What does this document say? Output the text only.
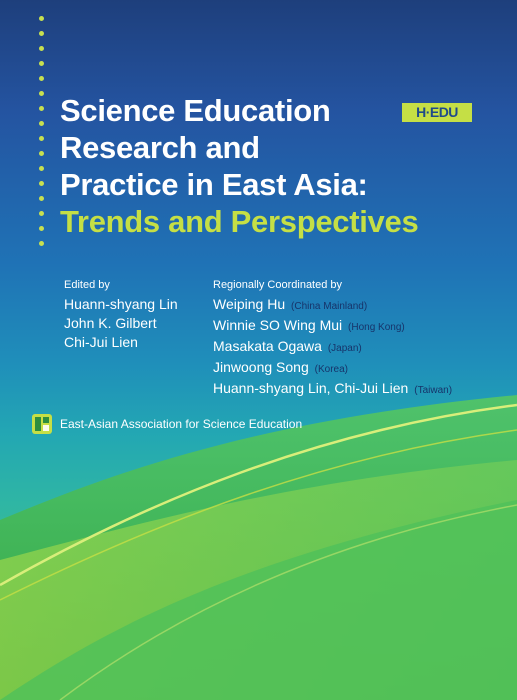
Science Education
Research and
Practice in East Asia:
Trends and Perspectives
H·EDU
Edited by
Huann-shyang Lin
John K. Gilbert
Chi-Jui Lien
Regionally Coordinated by
Weiping Hu (China Mainland)
Winnie SO Wing Mui (Hong Kong)
Masakata Ogawa (Japan)
Jinwoong Song (Korea)
Huann-shyang Lin, Chi-Jui Lien (Taiwan)
East-Asian Association for Science Education
